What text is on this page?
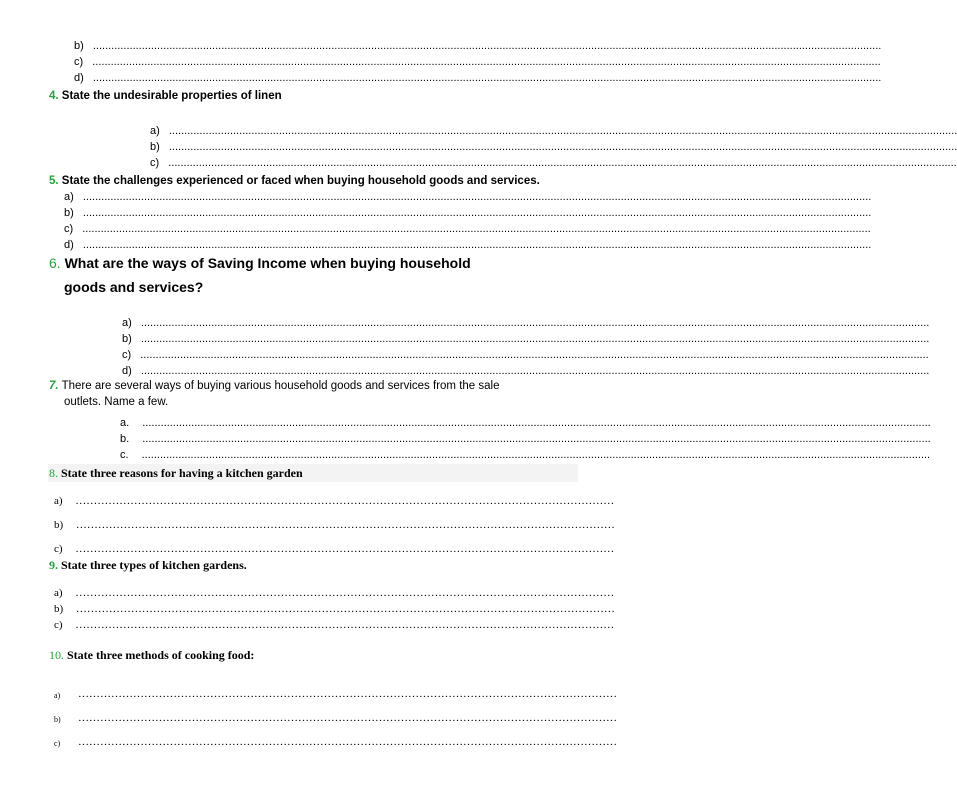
b) ..................................................................................................................................................................................................................................................................
c) ..................................................................................................................................................................................................................................................................
d) ..................................................................................................................................................................................................................................................................
4. State the undesirable properties of linen
a) ..................................................................................................................................................................................................................................................................
b) ..................................................................................................................................................................................................................................................................
c) ..................................................................................................................................................................................................................................................................
5. State the challenges experienced or faced when buying household goods and services.
a) ..................................................................................................................................................................................................................................................................
b) ..................................................................................................................................................................................................................................................................
c) ..................................................................................................................................................................................................................................................................
d) ..................................................................................................................................................................................................................................................................
6. What are the ways of Saving Income when buying household
goods and services?
a) ..................................................................................................................................................................................................................................................................
b) ..................................................................................................................................................................................................................................................................
c) ..................................................................................................................................................................................................................................................................
d) ..................................................................................................................................................................................................................................................................
7. There are several ways of buying various household goods and services from the sale
outlets. Name a few.
a. ..................................................................................................................................................................................................................................................................
b. ..................................................................................................................................................................................................................................................................
c. ..................................................................................................................................................................................................................................................................
8. State three reasons for having a kitchen garden
a) …………………………………………………………………………………………………………………………………
b) …………………………………………………………………………………………………………………………………
c) …………………………………………………………………………………………………………………………………
9. State three types of kitchen gardens.
a) …………………………………………………………………………………………………………………………………
b) …………………………………………………………………………………………………………………………………
c) …………………………………………………………………………………………………………………………………
10. State three methods of cooking food:
a) …………………………………………………………………………………………………………………………………
b) …………………………………………………………………………………………………………………………………
c) …………………………………………………………………………………………………………………………………
